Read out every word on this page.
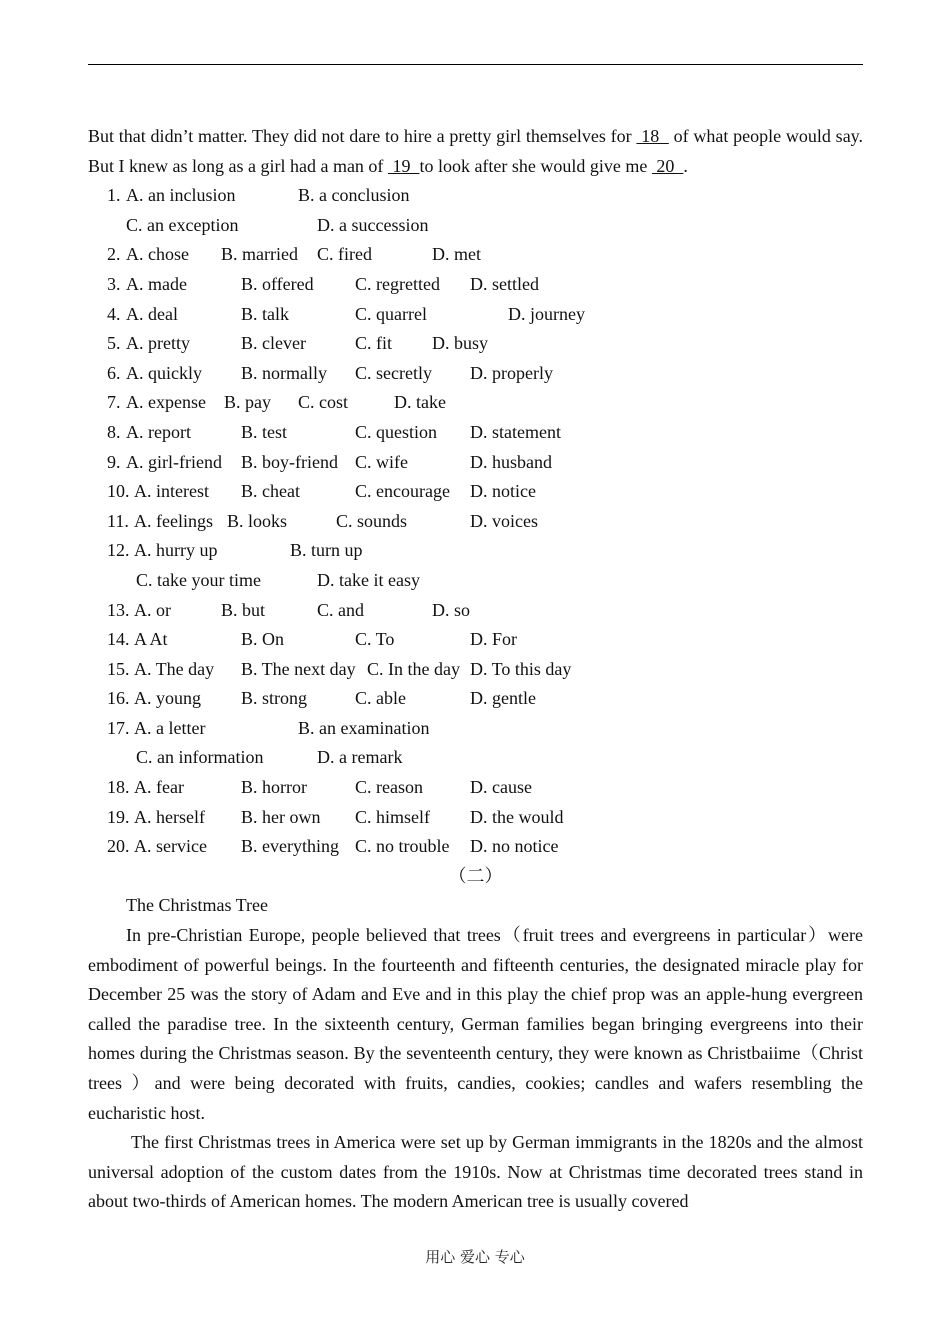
But that didn’t matter. They did not dare to hire a pretty girl themselves for  18   of what people would say. But I knew as long as a girl had a man of  19  to look after she would give me  20  .

1. A. an inclusion	B. a conclusion
C. an exception	D. a succession
2. A. chose B. married C. fired	D. met
3. A. made	B. offered C. regretted D. settled
4. A. deal	B. talk	C. quarrel	D. journey
5. A. pretty	B. clever	C. fit D. busy
6. A. quickly B. normally C. secretly D. properly
7. A. expense B. pay C. cost	D. take
8. A. report	B. test	C. question D. statement
9. A. girl-friend B. boy-friend C. wife	D. husband
10. A. interest B. cheat	C. encourage D. notice
11. A. feelings B. looks	C. sounds	D. voices
12. A. hurry up	B. turn up
C. take your time	D. take it easy
13. A. or	B. but	C. and	D. so
14. A At	B. On	C. To	D. For
15. A. The day B. The next day C. In the day D. To this day
16. A. young B. strong	C. able	D. gentle
17. A. a letter	B. an examination
C. an information	D. a remark
18. A. fear	B. horror	C. reason	D. cause
19. A. herself B. her own C. himself D. the would
20. A. service B. everything C. no trouble D. no notice
（二）
The Christmas Tree

In pre-Christian Europe, people believed that trees（fruit trees and evergreens in particular）were embodiment of powerful beings. In the fourteenth and fifteenth centuries, the designated miracle play for December 25 was the story of Adam and Eve and in this play the chief prop was an apple-hung evergreen called the paradise tree. In the sixteenth century, German families began bringing evergreens into their homes during the Christmas season. By the seventeenth century, they were known as Christbaiime（Christ trees ）and were being decorated with fruits, candies, cookies; candles and wafers resembling the eucharistic host.

The first Christmas trees in America were set up by German immigrants in the 1820s and the almost universal adoption of the custom dates from the 1910s. Now at Christmas time decorated trees stand in about two-thirds of American homes. The modern American tree is usually covered

用心 爱心 专心
